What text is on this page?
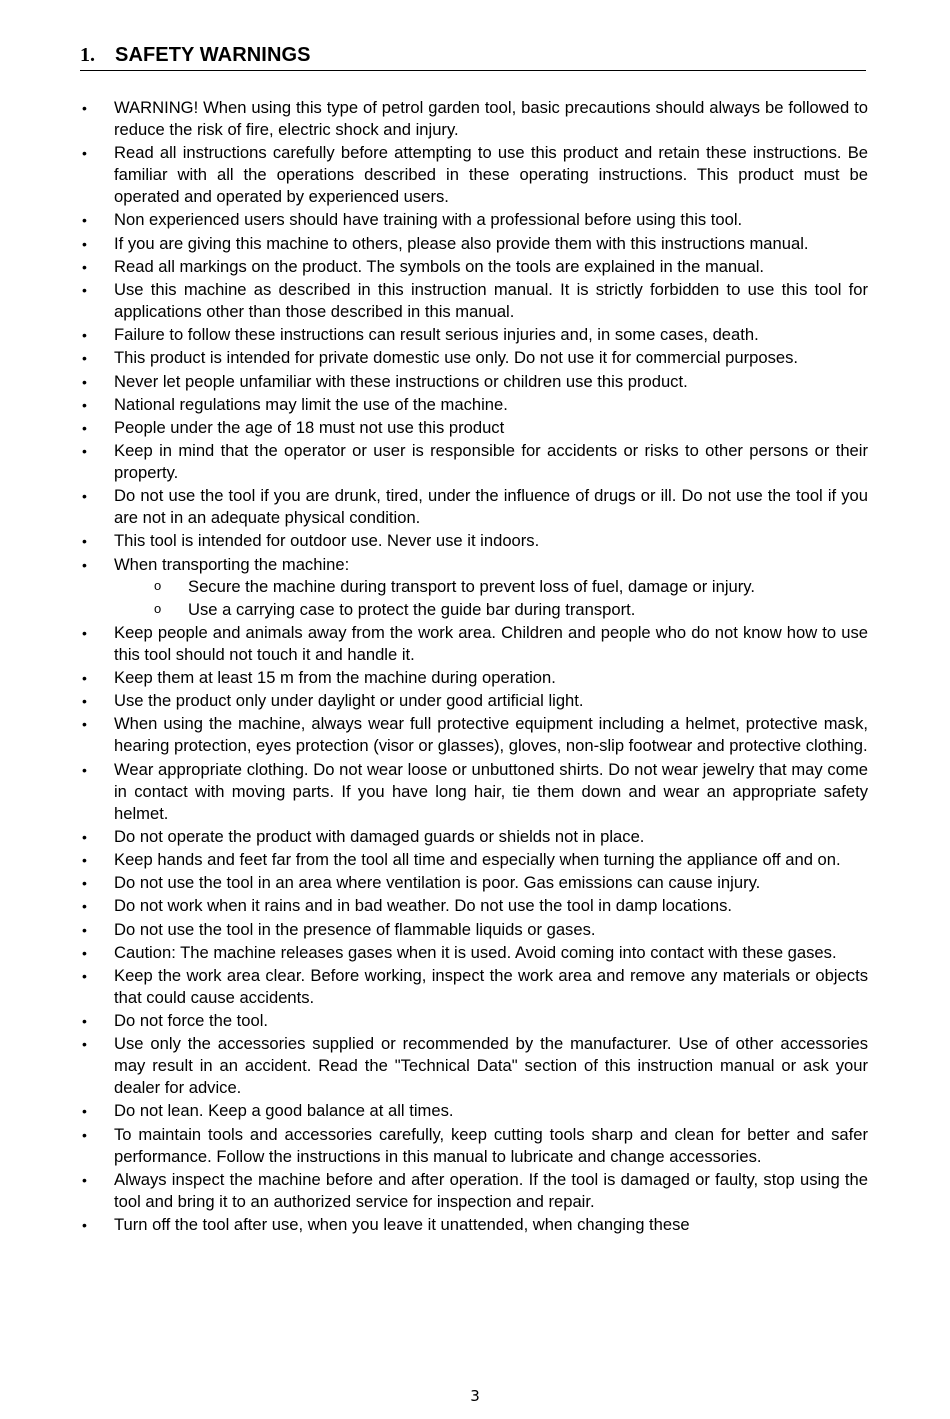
1.	SAFETY WARNINGS
• WARNING! When using this type of petrol garden tool, basic precautions should always be followed to reduce the risk of fire, electric shock and injury.
• Read all instructions carefully before attempting to use this product and retain these instructions. Be familiar with all the operations described in these operating instructions. This product must be operated and operated by experienced users.
• Non experienced users should have training with a professional before using this tool.
• If you are giving this machine to others, please also provide them with this instructions manual.
• Read all markings on the product. The symbols on the tools are explained in the manual.
• Use this machine as described in this instruction manual. It is strictly forbidden to use this tool for applications other than those described in this manual.
• Failure to follow these instructions can result serious injuries and, in some cases, death.
• This product is intended for private domestic use only. Do not use it for commercial purposes.
• Never let people unfamiliar with these instructions or children use this product.
• National regulations may limit the use of the machine.
• People under the age of 18 must not use this product
• Keep in mind that the operator or user is responsible for accidents or risks to other persons or their property.
• Do not use the tool if you are drunk, tired, under the influence of drugs or ill. Do not use the tool if you are not in an adequate physical condition.
• This tool is intended for outdoor use. Never use it indoors.
• When transporting the machine:
o Secure the machine during transport to prevent loss of fuel, damage or injury.
o Use a carrying case to protect the guide bar during transport.
• Keep people and animals away from the work area. Children and people who do not know how to use this tool should not touch it and handle it.
• Keep them at least 15 m from the machine during operation.
• Use the product only under daylight or under good artificial light.
• When using the machine, always wear full protective equipment including a helmet, protective mask, hearing protection, eyes protection (visor or glasses), gloves, non-slip footwear and protective clothing.
• Wear appropriate clothing. Do not wear loose or unbuttoned shirts. Do not wear jewelry that may come in contact with moving parts. If you have long hair, tie them down and wear an appropriate safety helmet.
• Do not operate the product with damaged guards or shields not in place.
• Keep hands and feet far from the tool all time and especially when turning the appliance off and on.
• Do not use the tool in an area where ventilation is poor. Gas emissions can cause injury.
• Do not work when it rains and in bad weather. Do not use the tool in damp locations.
• Do not use the tool in the presence of flammable liquids or gases.
• Caution: The machine releases gases when it is used. Avoid coming into contact with these gases.
• Keep the work area clear. Before working, inspect the work area and remove any materials or objects that could cause accidents.
• Do not force the tool.
• Use only the accessories supplied or recommended by the manufacturer. Use of other accessories may result in an accident. Read the "Technical Data" section of this instruction manual or ask your dealer for advice.
• Do not lean. Keep a good balance at all times.
• To maintain tools and accessories carefully, keep cutting tools sharp and clean for better and safer performance. Follow the instructions in this manual to lubricate and change accessories.
• Always inspect the machine before and after operation. If the tool is damaged or faulty, stop using the tool and bring it to an authorized service for inspection and repair.
• Turn off the tool after use, when you leave it unattended, when changing these
3
